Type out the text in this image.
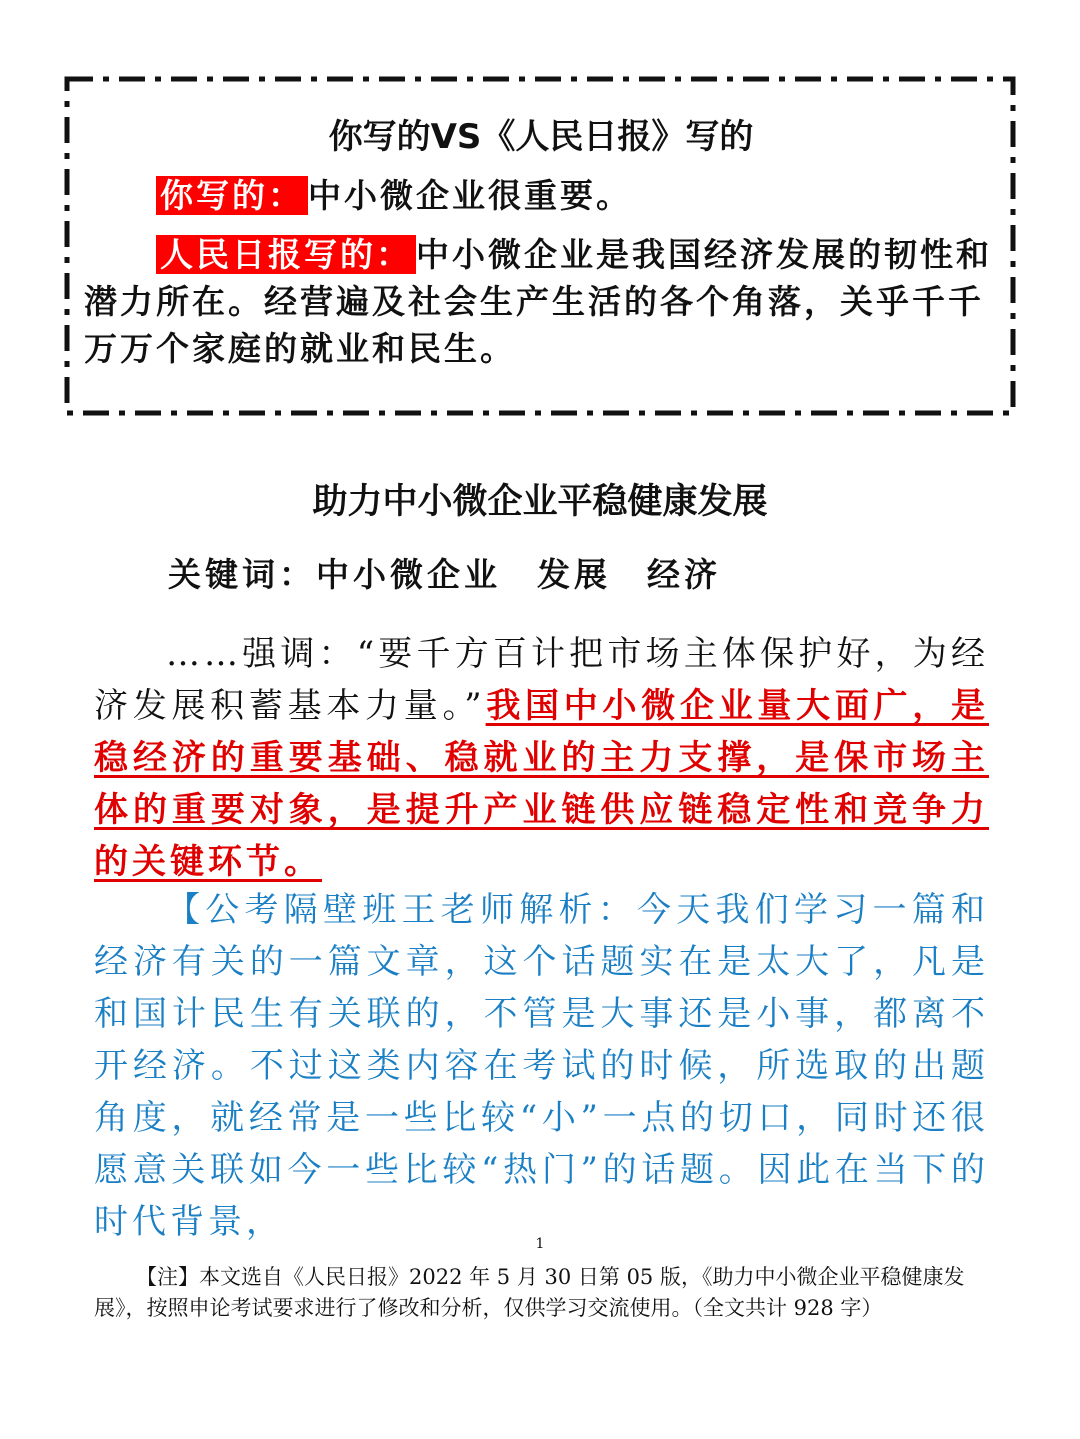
你写的VS《人民日报》写的

你写的： 中小微企业很重要。

人民日报写的： 中小微企业是我国经济发展的韧性和潜力所在。经营遍及社会生产生活的各个角落，关乎千千万万个家庭的就业和民生。

助力中小微企业平稳健康发展

关键词：中小微企业 发展 经济

……强调：“要千方百计把市场主体保护好，为经济发展积蓄基本力量。”我国中小微企业量大面广，是稳经济的重要基础、稳就业的主力支撑，是保市场主体的重要对象，是提升产业链供应链稳定性和竞争力的关键环节。

【公考隔壁班王老师解析：今天我们学习一篇和经济有关的一篇文章，这个话题实在是太大了，凡是和国计民生有关联的，不管是大事还是小事，都离不开经济。不过这类内容在考试的时候，所选取的出题角度，就经常是一些比较“小”一点的切口，同时还很愿意关联如今一些比较“热门”的话题。因此在当下的时代背景，

1

【注】本文选自《人民日报》2022 年 5 月 30 日第 05 版，《助力中小微企业平稳健康发展》，按照申论考试要求进行了修改和分析，仅供学习交流使用。（全文共计 928 字）
